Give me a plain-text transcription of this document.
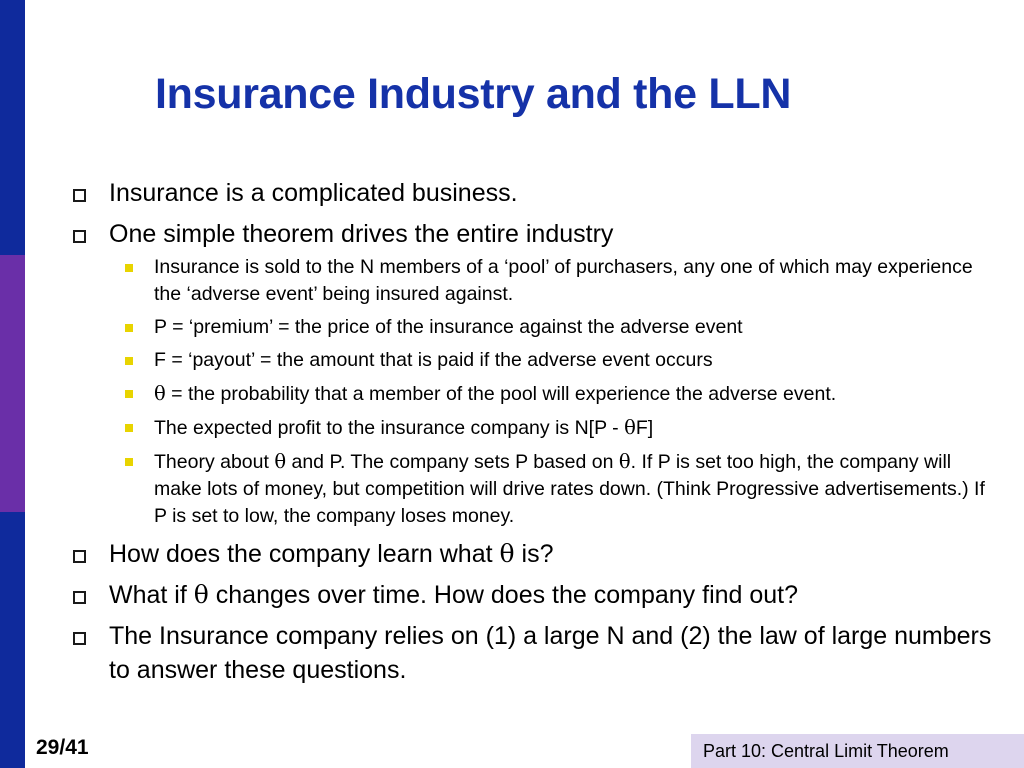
Insurance Industry and the LLN
Insurance is a complicated business.
One simple theorem drives the entire industry
Insurance is sold to the N members of a ‘pool’ of purchasers, any one of which may experience the ‘adverse event’ being insured against.
P = ‘premium’ = the price of the insurance against the adverse event
F = ‘payout’ = the amount that is paid if the adverse event occurs
θ = the probability that a member of the pool will experience the adverse event.
The expected profit to the insurance company is N[P - θF]
Theory about θ and P. The company sets P based on θ. If P is set too high, the company will make lots of money, but competition will drive rates down. (Think Progressive advertisements.) If P is set to low, the company loses money.
How does the company learn what θ is?
What if θ changes over time. How does the company find out?
The Insurance company relies on (1) a large N and (2) the law of large numbers to answer these questions.
29/41	Part 10: Central Limit Theorem
